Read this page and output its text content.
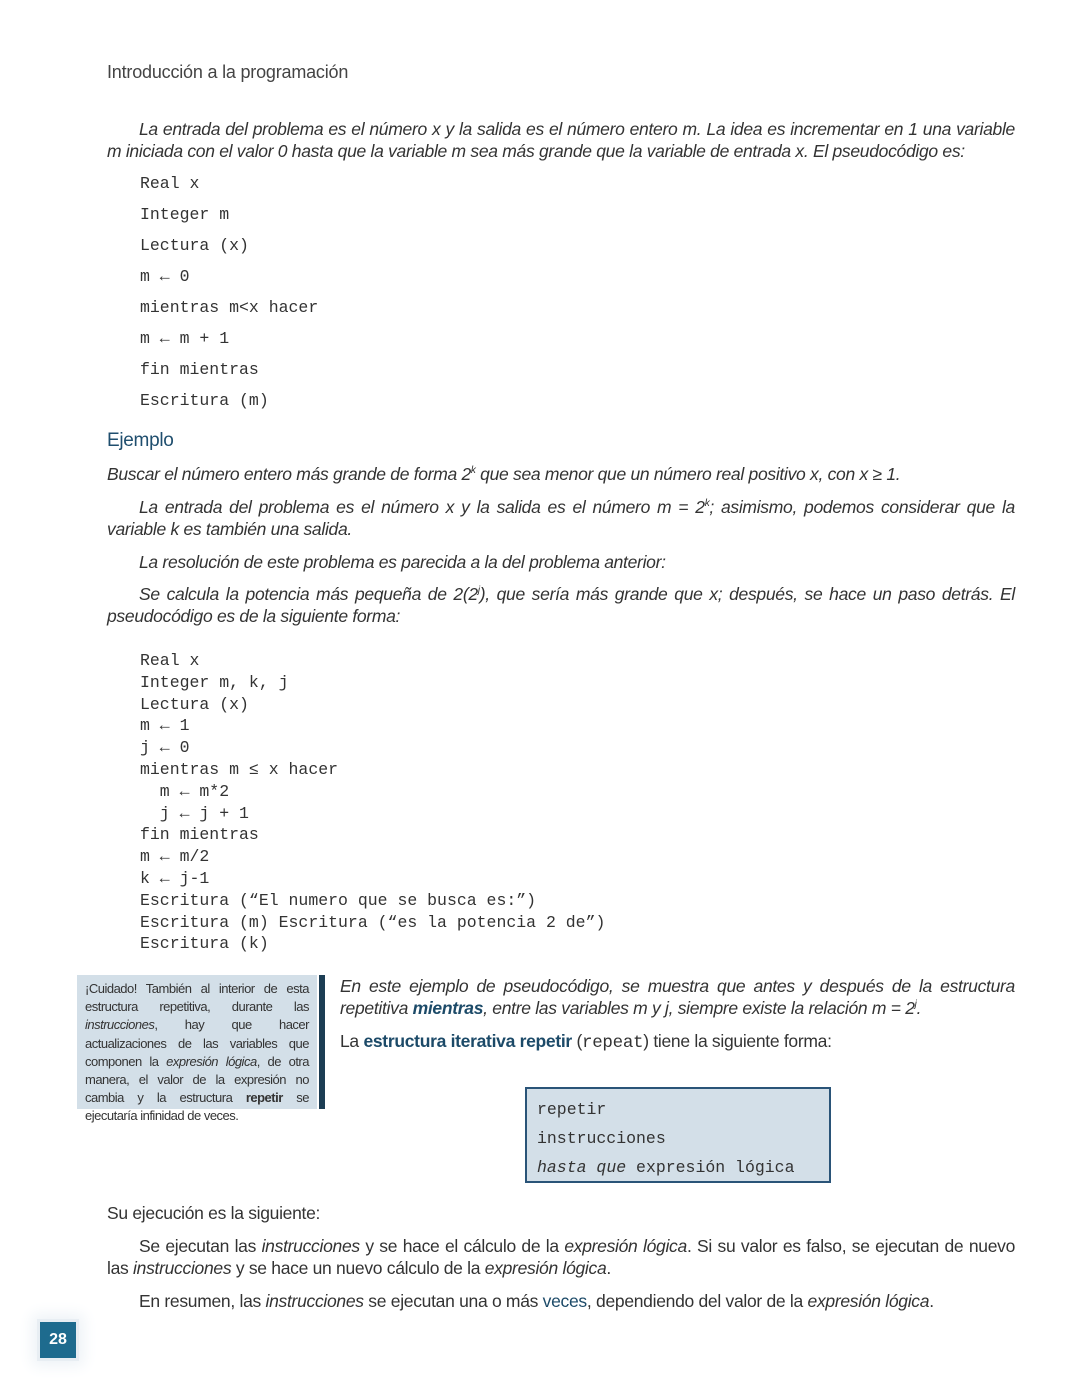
Introducción a la programación

La entrada del problema es el número x y la salida es el número entero m. La idea es incrementar en 1 una variable m iniciada con el valor 0 hasta que la variable m sea más grande que la variable de entrada x. El pseudocódigo es:

Real x
Integer m
Lectura (x)
m ← 0
mientras m<x hacer
m ← m + 1
fin mientras
Escritura (m)
Ejemplo

Buscar el número entero más grande de forma 2$^k$ que sea menor que un número real positivo x, con x ≥ 1.

La entrada del problema es el número x y la salida es el número $m = 2^k$; asimismo, podemos considerar que la variable k es también una salida.

La resolución de este problema es parecida a la del problema anterior:

Se calcula la potencia más pequeña de 2(2$^j$), que sería más grande que x; después, se hace un paso detrás. El pseudocódigo es de la siguiente forma:

Real x
Integer m, k, j
Lectura (x)
m ← 1
j ← 0
mientras m ≤ x hacer
m ← m*2
j ← j + 1
fin mientras
m ← m/2
k ← j-1
Escritura (“El numero que se busca es:”)
Escritura (m) Escritura (“es la potencia 2 de”)
Escritura (k)
¡Cuidado! También al interior de esta estructura repetitiva, durante las instrucciones, hay que hacer actualizaciones de las variables que componen la expresión lógica, de otra manera, el valor de la expresión no cambia y la estructura repetir se ejecutaría infinidad de veces.

En este ejemplo de pseudocódigo, se muestra que antes y después de la estructura repetitiva mientras, entre las variables m y j, siempre existe la relación $m = 2^j$.

La estructura iterativa repetir (repeat) tiene la siguiente forma:

repetir
instrucciones
hasta que expresión lógica

Su ejecución es la siguiente:

Se ejecutan las instrucciones y se hace el cálculo de la expresión lógica. Si su valor es falso, se ejecutan de nuevo las instrucciones y se hace un nuevo cálculo de la expresión lógica.

En resumen, las instrucciones se ejecutan una o más veces, dependiendo del valor de la expresión lógica.

28
